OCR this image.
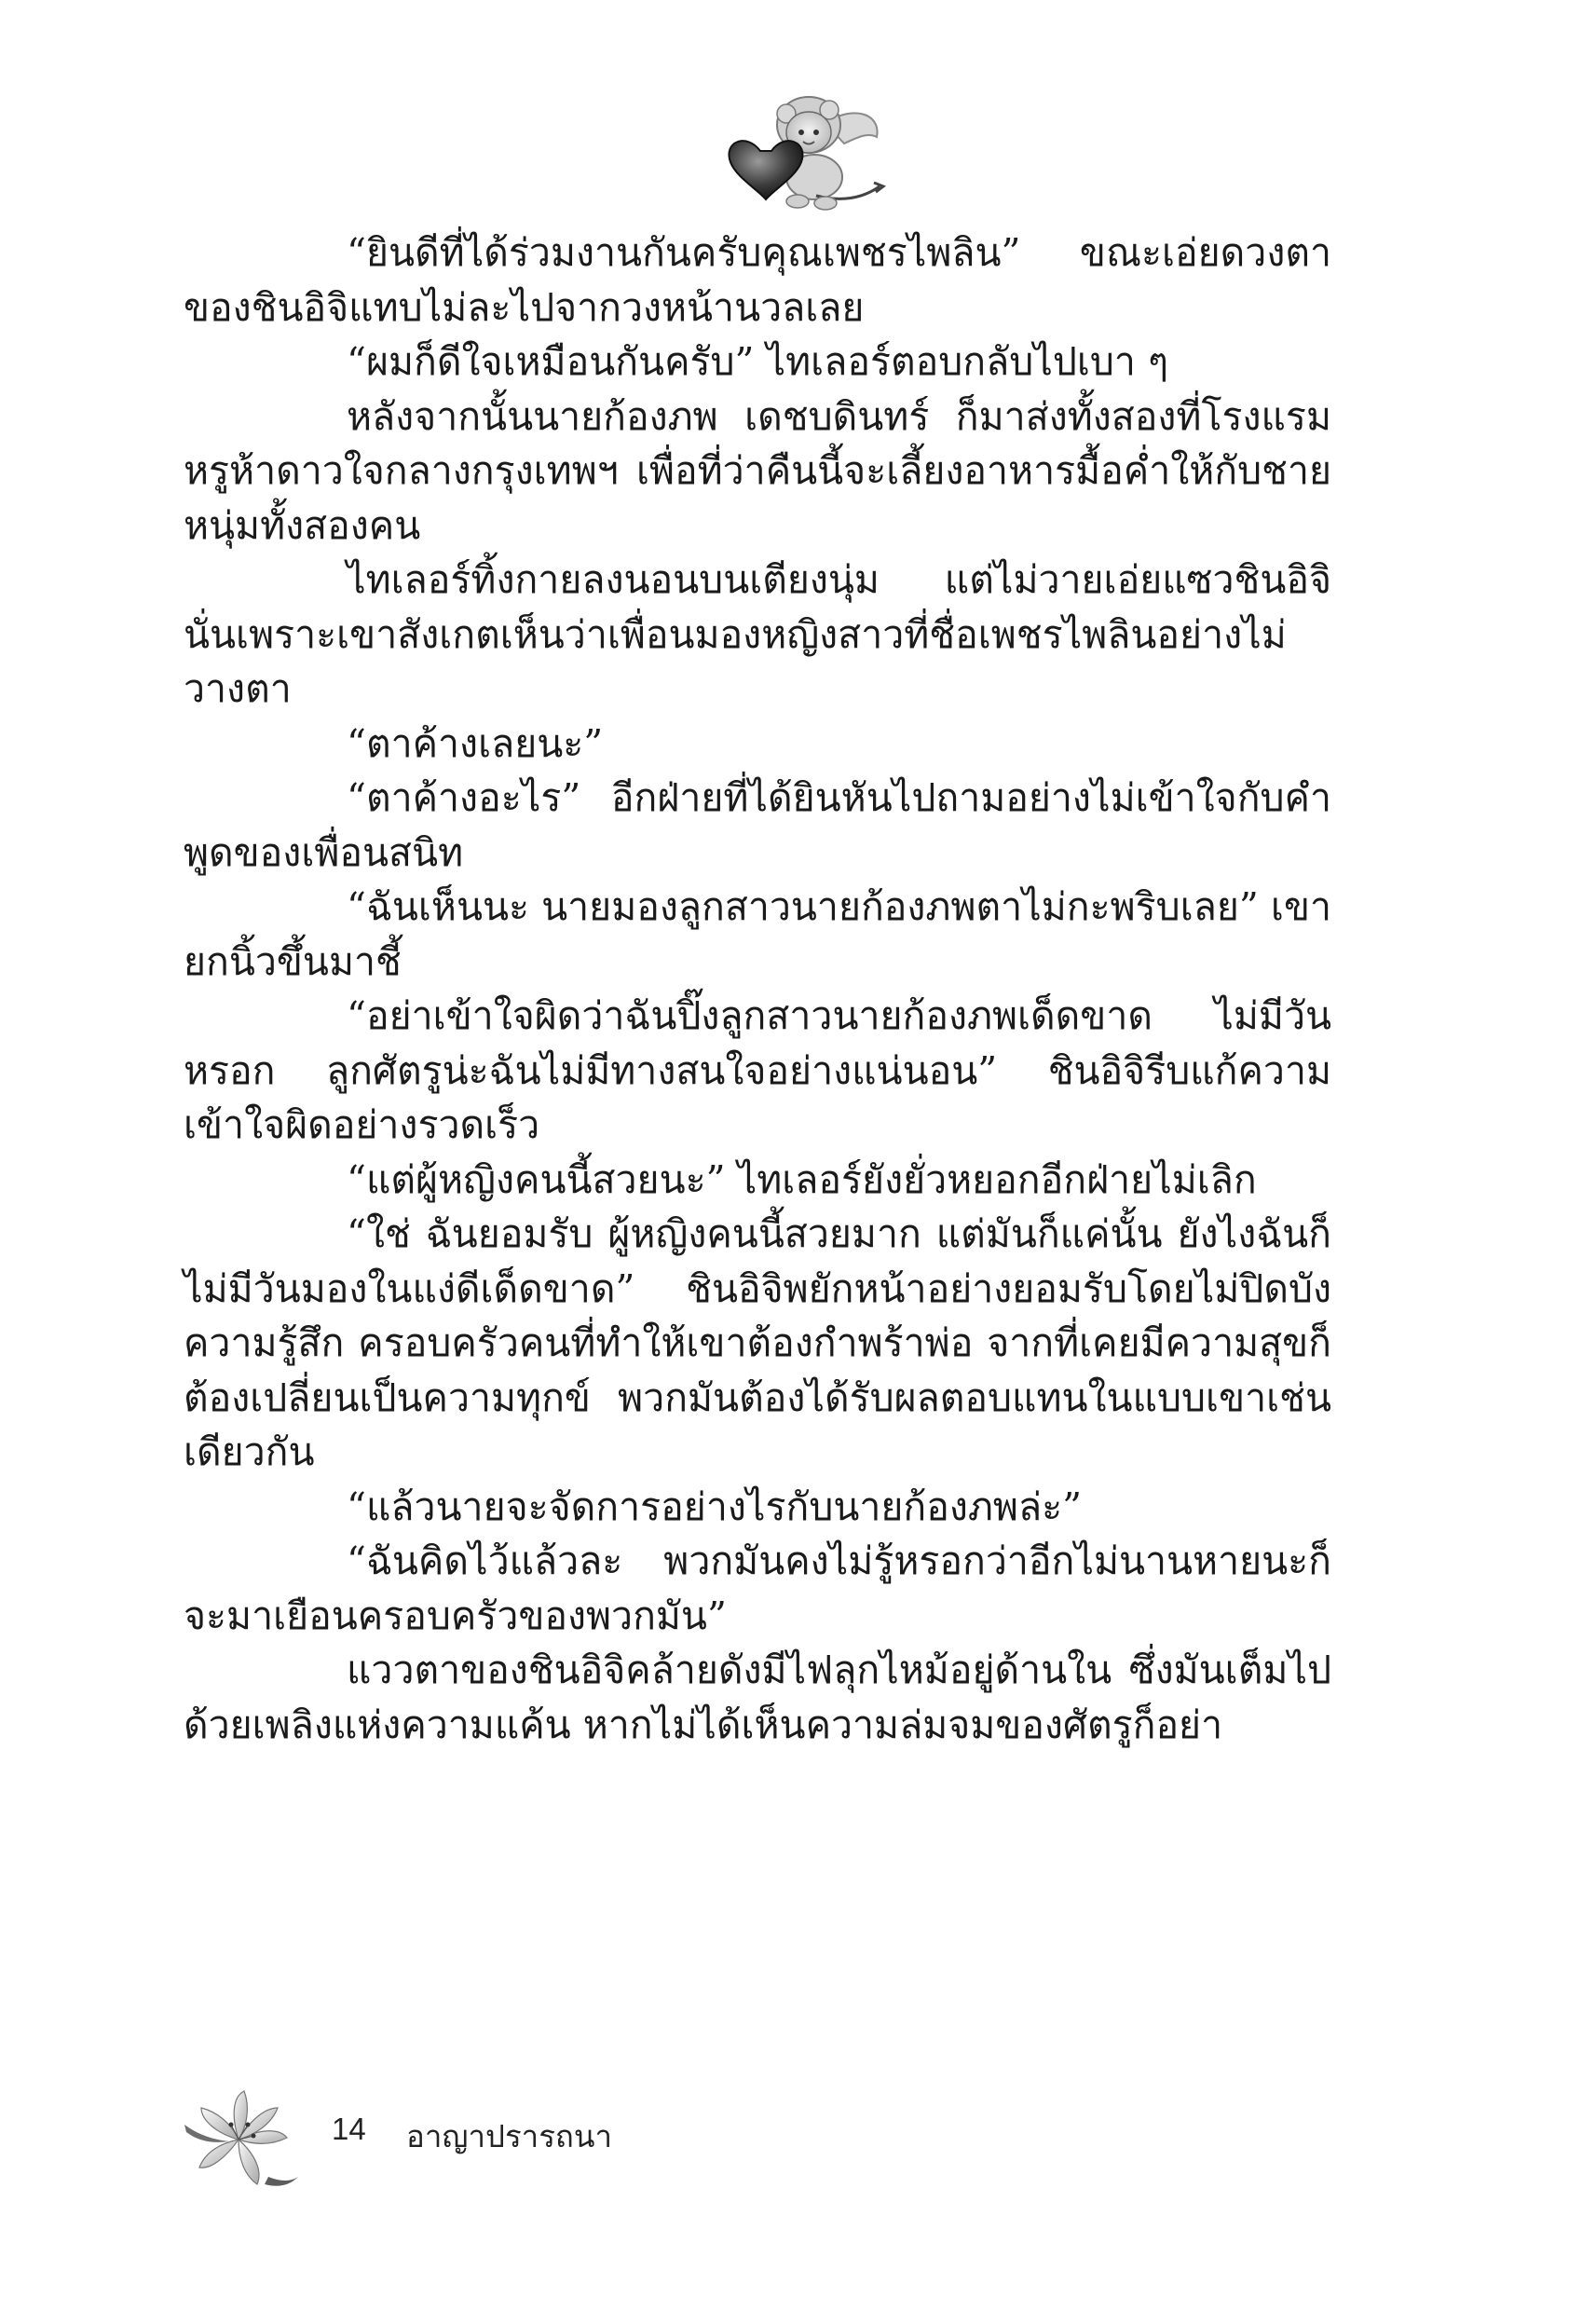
“ยินดีที่ได้ร่วมงานกันครับคุณเพชรไพลิน” ขณะเอ่ยดวงตาของชินอิจิแทบไม่ละไปจากวงหน้านวลเลย

“ผมก็ดีใจเหมือนกันครับ” ไทเลอร์ตอบกลับไปเบา ๆ

หลังจากนั้นนายก้องภพ เดชบดินทร์ ก็มาส่งทั้งสองที่โรงแรมหรูห้าดาวใจกลางกรุงเทพฯ เพื่อที่ว่าคืนนี้จะเลี้ยงอาหารมื้อค่ำให้กับชายหนุ่มทั้งสองคน

ไทเลอร์ทิ้งกายลงนอนบนเตียงนุ่ม แต่ไม่วายเอ่ยแซวชินอิจิ นั่นเพราะเขาสังเกตเห็นว่าเพื่อนมองหญิงสาวที่ชื่อเพชรไพลินอย่างไม่วางตา

“ตาค้างเลยนะ”

“ตาค้างอะไร” อีกฝ่ายที่ได้ยินหันไปถามอย่างไม่เข้าใจกับคำพูดของเพื่อนสนิท

“ฉันเห็นนะ นายมองลูกสาวนายก้องภพตาไม่กะพริบเลย” เขายกนิ้วขึ้นมาชี้

“อย่าเข้าใจผิดว่าฉันปิ๊งลูกสาวนายก้องภพเด็ดขาด ไม่มีวันหรอก ลูกศัตรูน่ะฉันไม่มีทางสนใจอย่างแน่นอน” ชินอิจิรีบแก้ความเข้าใจผิดอย่างรวดเร็ว

“แต่ผู้หญิงคนนี้สวยนะ” ไทเลอร์ยังยั่วหยอกอีกฝ่ายไม่เลิก

“ใช่ ฉันยอมรับ ผู้หญิงคนนี้สวยมาก แต่มันก็แค่นั้น ยังไงฉันก็ไม่มีวันมองในแง่ดีเด็ดขาด” ชินอิจิพยักหน้าอย่างยอมรับโดยไม่ปิดบังความรู้สึก ครอบครัวคนที่ทำให้เขาต้องกำพร้าพ่อ จากที่เคยมีความสุขก็ต้องเปลี่ยนเป็นความทุกข์ พวกมันต้องได้รับผลตอบแทนในแบบเขาเช่นเดียวกัน

“แล้วนายจะจัดการอย่างไรกับนายก้องภพล่ะ”

“ฉันคิดไว้แล้วละ พวกมันคงไม่รู้หรอกว่าอีกไม่นานหายนะก็จะมาเยือนครอบครัวของพวกมัน”

แววตาของชินอิจิคล้ายดังมีไฟลุกไหม้อยู่ด้านใน ซึ่งมันเต็มไปด้วยเพลิงแห่งความแค้น หากไม่ได้เห็นความล่มจมของศัตรูก็อย่า

14 อาญาปรารถนา
